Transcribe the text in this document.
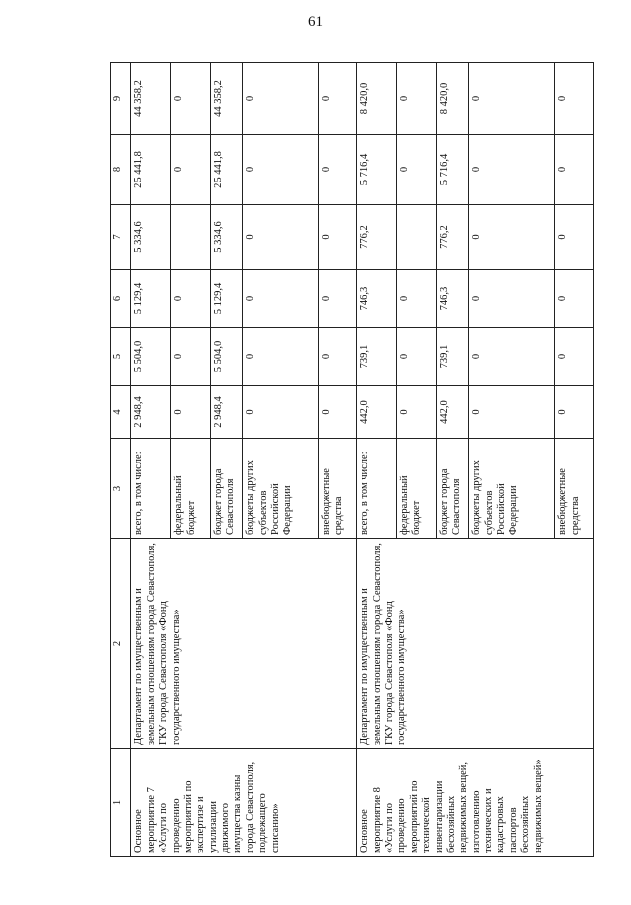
61
1	2	3	4	5	6	7	8	9
Основное мероприятие 7 «Услуги по проведению мероприятий по экспертизе и утилизации движимого имущества казны города Севастополя, подлежащего списанию»	Департамент по имущественным и земельным отношениям города Севастополя, ГКУ города Севастополя «Фонд государственного имущества»	всего, в том числе:	2 948,4	5 504,0	5 129,4	5 334,6	25 441,8	44 358,2
		федеральный бюджет	0	0	0		0	0
		бюджет города Севастополя	2 948,4	5 504,0	5 129,4	5 334,6	25 441,8	44 358,2
		бюджеты других субъектов Российской Федерации	0	0	0	0	0	0
		внебюджетные средства	0	0	0	0	0	0
Основное мероприятие 8 «Услуги по проведению мероприятий по технической инвентаризации бесхозяйных недвижимых вещей, изготовлению технических и кадастровых паспортов бесхозяйных недвижимых вещей»	Департамент по имущественным и земельным отношениям города Севастополя, ГКУ города Севастополя «Фонд государственного имущества»	всего, в том числе:	442,0	739,1	746,3	776,2	5 716,4	8 420,0
		федеральный бюджет	0	0	0		0	0
		бюджет города Севастополя	442,0	739,1	746,3	776,2	5 716,4	8 420,0
		бюджеты других субъектов Российской Федерации	0	0	0	0	0	0
		внебюджетные средства	0	0	0	0	0	0
